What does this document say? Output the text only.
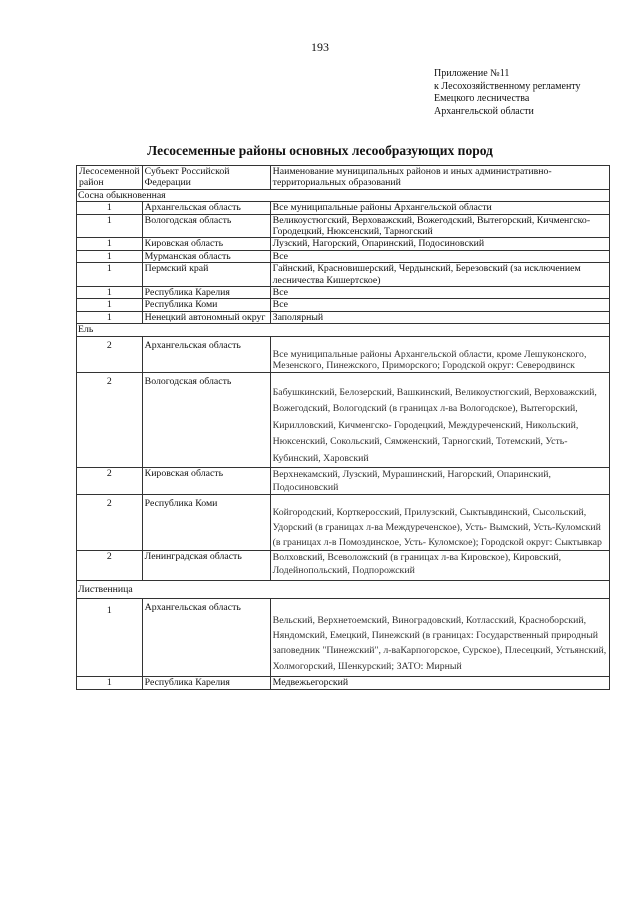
193
Приложение №11
к Лесохозяйственному регламенту
Емецкого лесничества
Архангельской области
Лесосеменные районы основных лесообразующих пород
Лесосеменной район	Субъект Российской Федерации	Наименование муниципальных районов и иных административно-территориальных образований
Сосна обыкновенная		
1	Архангельская область	Все муниципальные районы Архангельской области
1	Вологодская область	Великоустюгский, Верховажский, Вожегодский, Вытегорский, Кичменгско-Городецкий, Нюксенский, Тарногский
1	Кировская область	Лузский, Нагорский, Опаринский, Подосиновский
1	Мурманская область	Все
1	Пермский край	Гайнский, Красновишерский, Чердынский, Березовский (за исключением лесничества Кишертское)
1	Республика Карелия	Все
1	Республика Коми	Все
1	Ненецкий автономный округ	Заполярный
Ель		
2	Архангельская область	Все муниципальные районы Архангельской области, кроме Лешуконского, Мезенского, Пинежского, Приморского; Городской округ: Северодвинск
2	Вологодская область	Бабушкинский, Белозерский, Вашкинский, Великоустюгский, Верховажский, Вожегодский, Вологодский (в границах л-ва Вологодское), Вытегорский, Кирилловский, Кичменгско- Городецкий, Междуреченский, Никольский, Нюксенский, Сокольский, Сямженский, Тарногский, Тотемский, Усть- Кубинский, Харовский
2	Кировская область	Верхнекамский, Лузский, Мурашинский, Нагорский, Опаринский, Подосиновский
2	Республика Коми	Койгородский, Корткеросский, Прилузский, Сыктывдинский, Сысольский, Удорский (в границах л-ва Междуреченское), Усть- Вымский, Усть-Куломский (в границах л-в Помоздинское, Усть- Куломское); Городской округ: Сыктывкар
2	Ленинградская область	Волховский, Всеволожский (в границах л-ва Кировское), Кировский, Лодейнопольский, Подпорожский
Лиственница		
1	Архангельская область	Вельский, Верхнетоемский, Виноградовский, Котласский, Красноборский, Няндомский, Емецкий, Пинежский (в границах: Государственный природный заповедник "Пинежский", л-ваКарпогорское, Сурское), Плесецкий, Устьянский, Холмогорский, Шенкурский; ЗАТО: Мирный
1	Республика Карелия	Медвежьегорский
